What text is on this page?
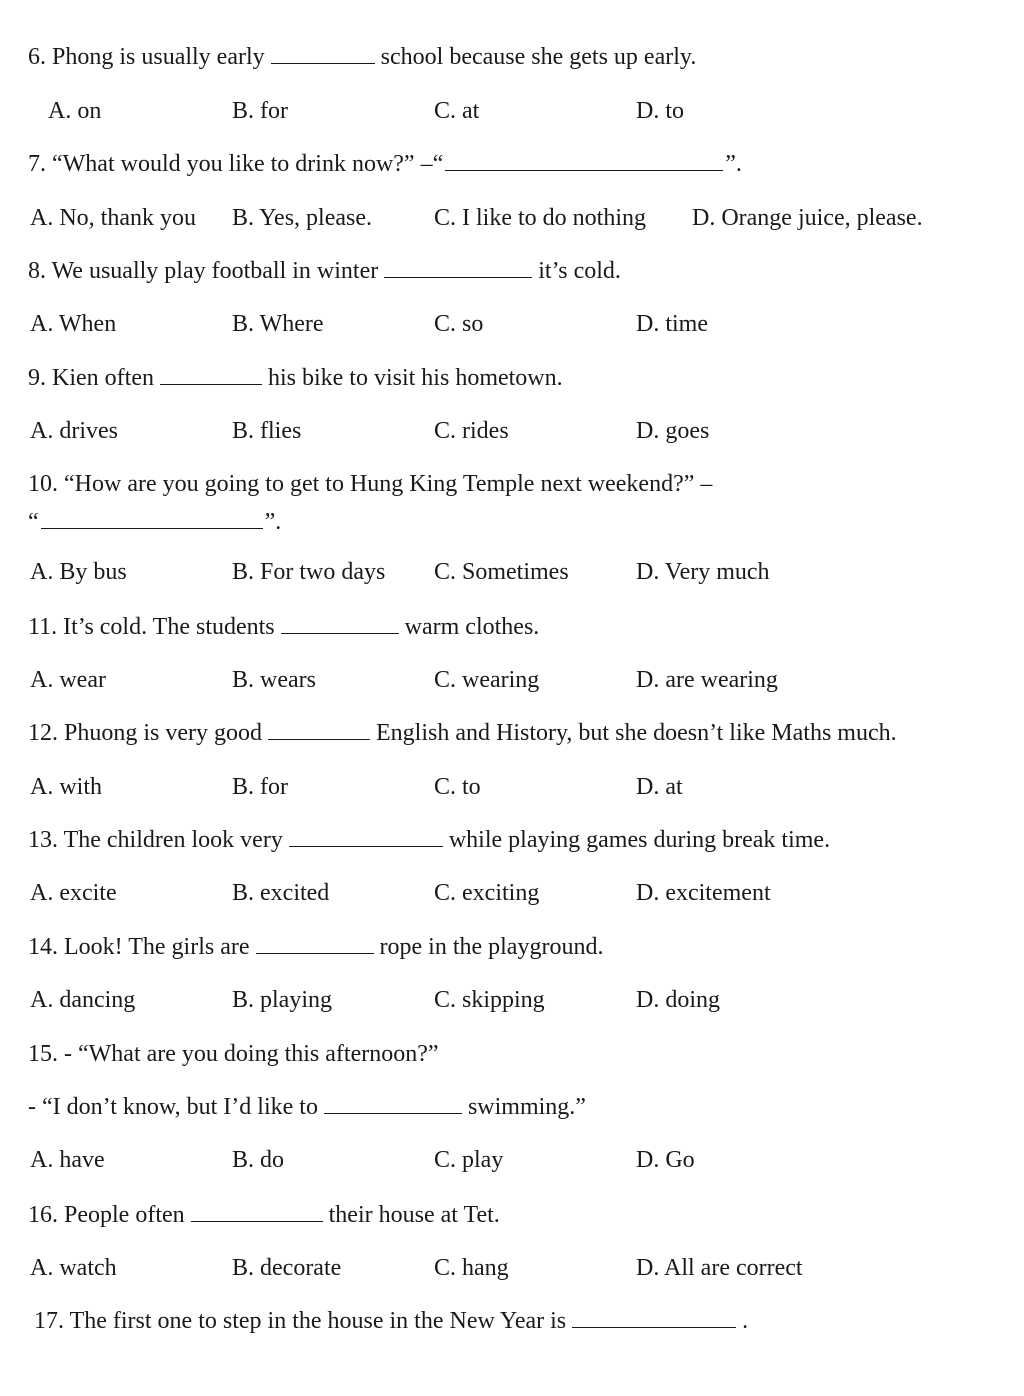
6. Phong is usually early	school because she gets up early.
A. on	B. for	C. at	D. to
7. “What would you like to drink now?” –“	”.
A. No, thank you B. Yes, please.	C. I like to do nothing D. Orange juice, please.
8. We usually play football in winter	it’s cold.
A. When	B. Where	C. so	D. time
9. Kien often	his bike to visit his hometown.
A. drives	B. flies	C. rides	D. goes
10. “How are you going to get to Hung King Temple next weekend?” –
“	”.
A. By bus	B. For two days C. Sometimes	D. Very much
11. It’s cold. The students	warm clothes.
A. wear	B. wears	C. wearing	D. are wearing
12. Phuong is very good	English and History, but she doesn’t like Maths much.
A. with	B. for	C. to	D. at
13. The children look very	while playing games during break time.
A. excite	B. excited	C. exciting	D. excitement
14. Look! The girls are	rope in the playground.
A. dancing	B. playing	C. skipping	D. doing
15. - “What are you doing this afternoon?”
- “I don’t know, but I’d like to	swimming.”
A. have	B. do	C. play	D. Go
16. People often	their house at Tet.
A. watch	B. decorate	C. hang	D. All are correct
17. The first one to step in the house in the New Year is	.
